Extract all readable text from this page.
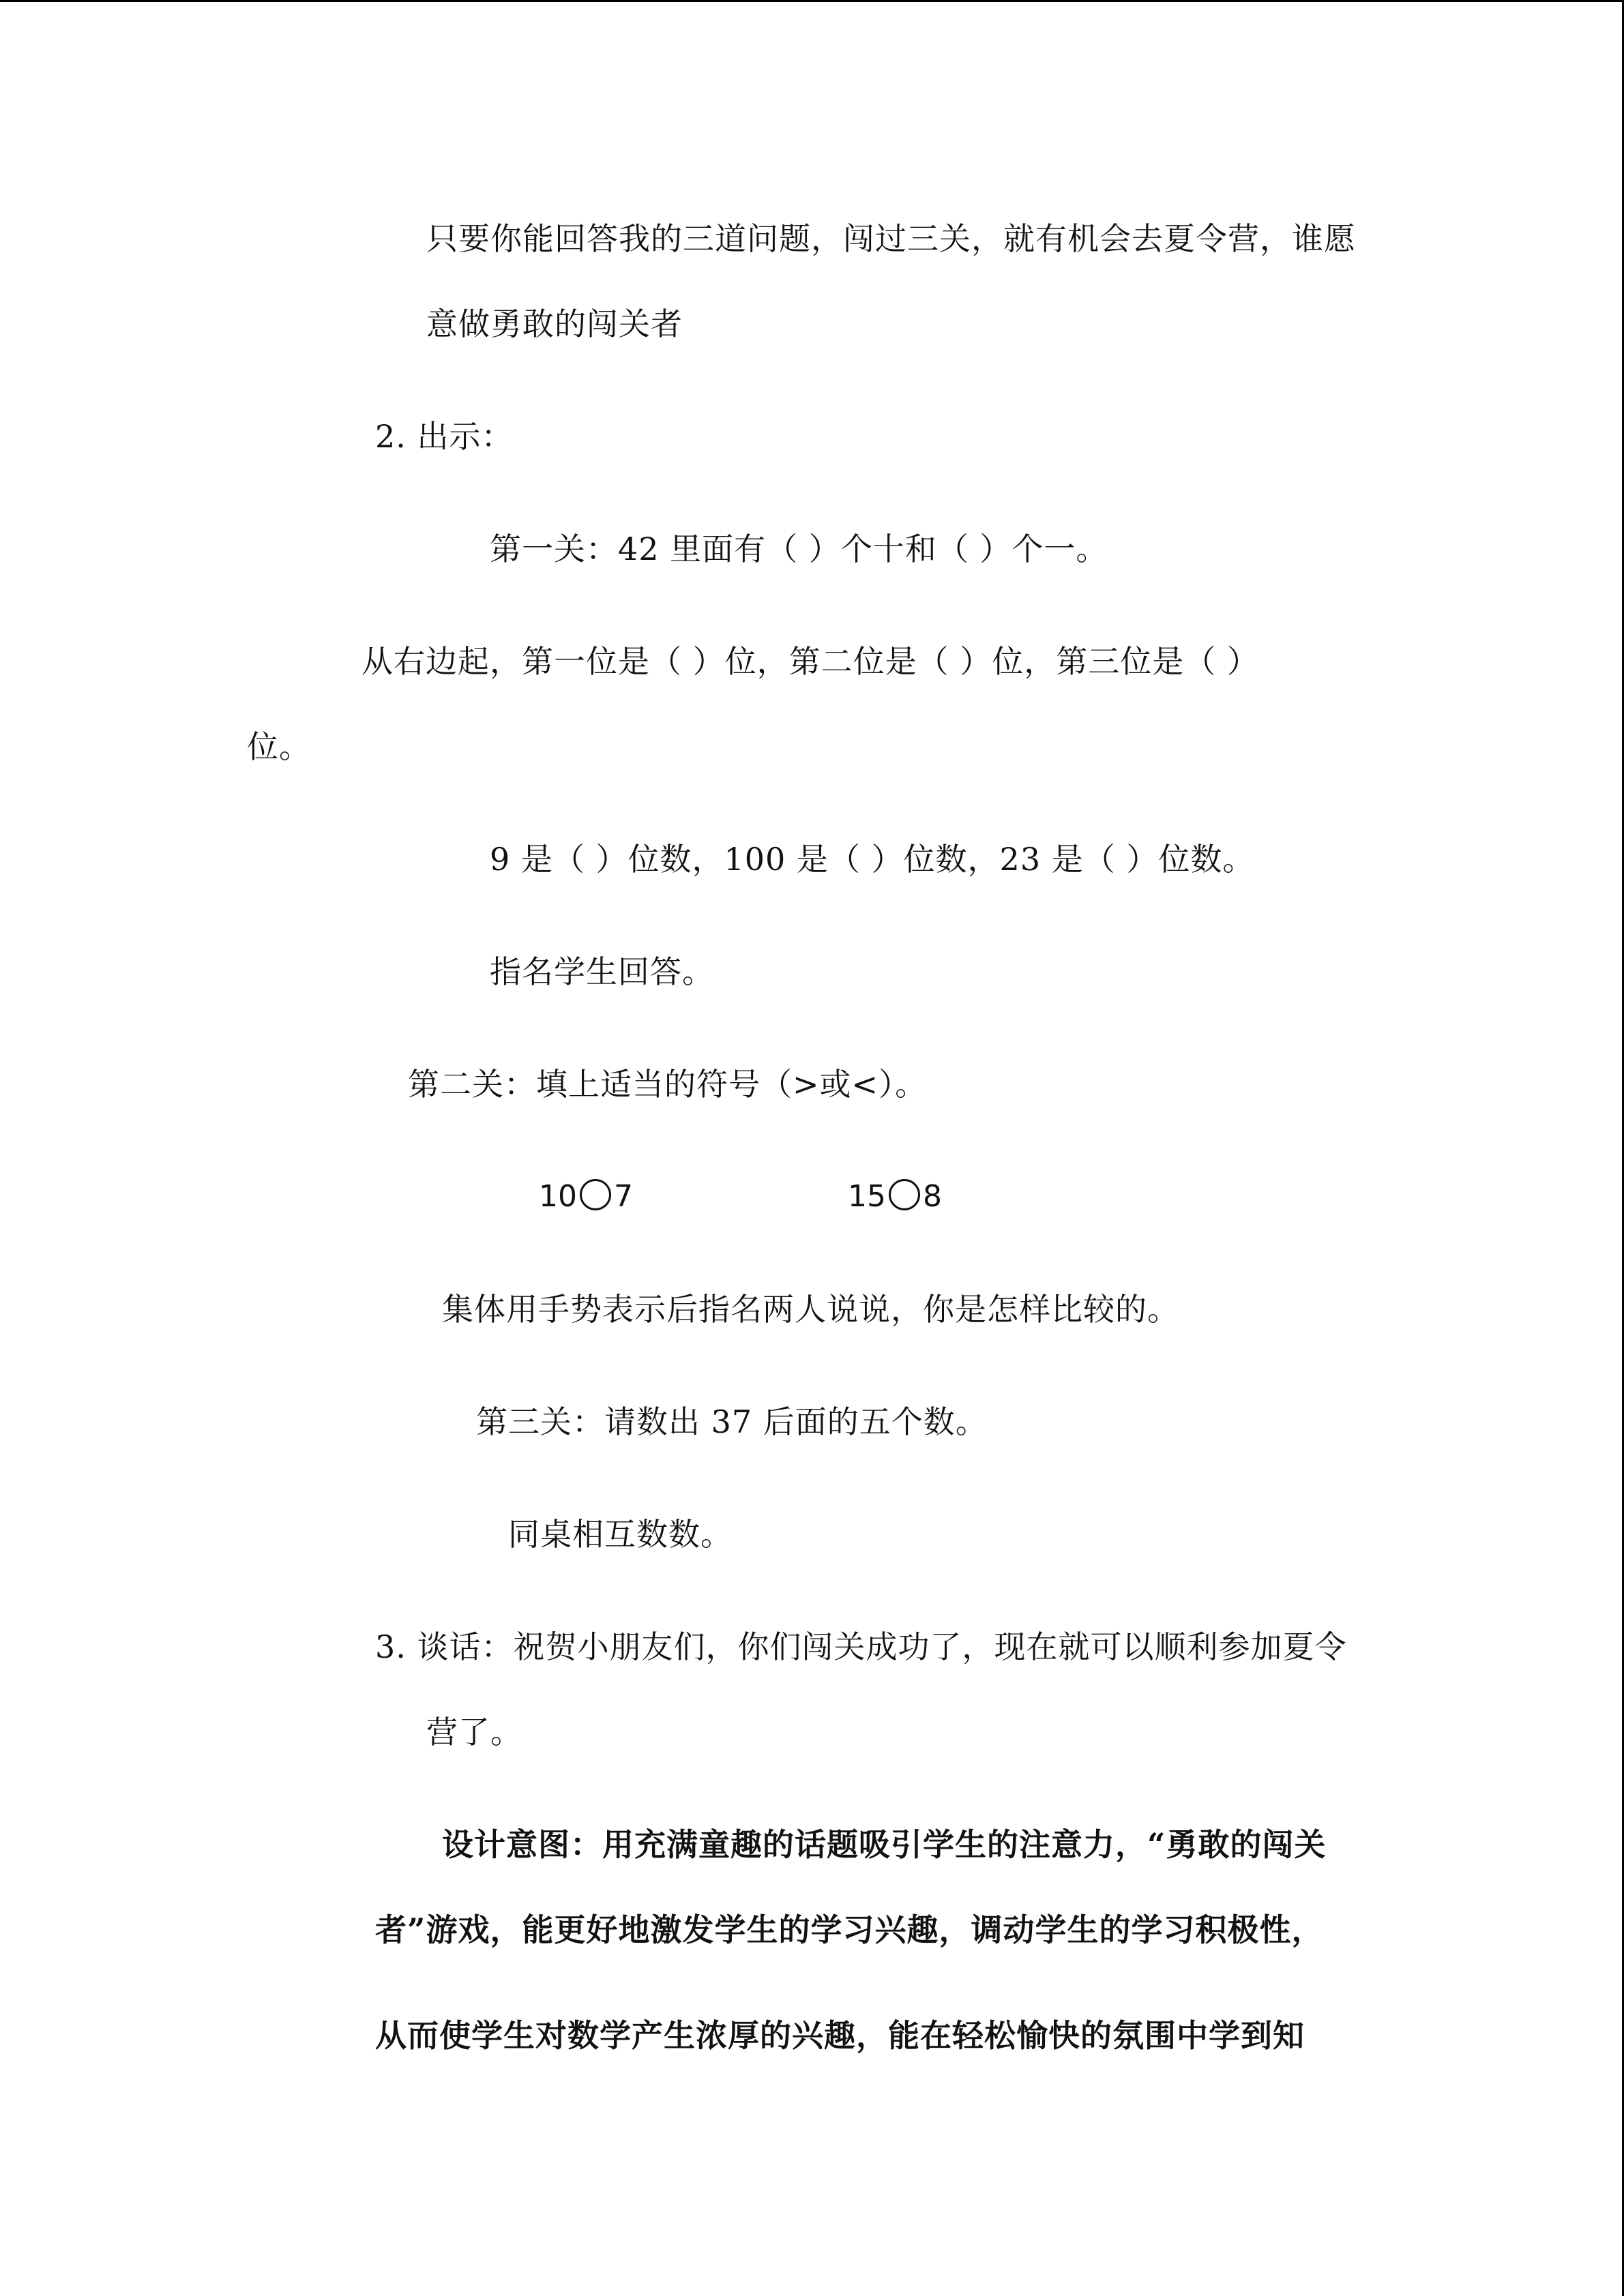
只要你能回答我的三道问题，闯过三关，就有机会去夏令营，谁愿
意做勇敢的闯关者
2. 出示：
第一关：42 里面有（ ）个十和（ ）个一。
从右边起，第一位是（ ）位，第二位是（ ）位，第三位是（ ）
位。
9 是（ ）位数，100 是（ ）位数，23 是（ ）位数。
指名学生回答。
第二关：填上适当的符号（>或<）。
10 7	15 8
集体用手势表示后指名两人说说，你是怎样比较的。
第三关：请数出 37 后面的五个数。
同桌相互数数。
3. 谈话：祝贺小朋友们，你们闯关成功了，现在就可以顺利参加夏令
营了。
设计意图：用充满童趣的话题吸引学生的注意力，“勇敢的闯关
者”游戏，能更好地激发学生的学习兴趣，调动学生的学习积极性，
从而使学生对数学产生浓厚的兴趣，能在轻松愉快的氛围中学到知
